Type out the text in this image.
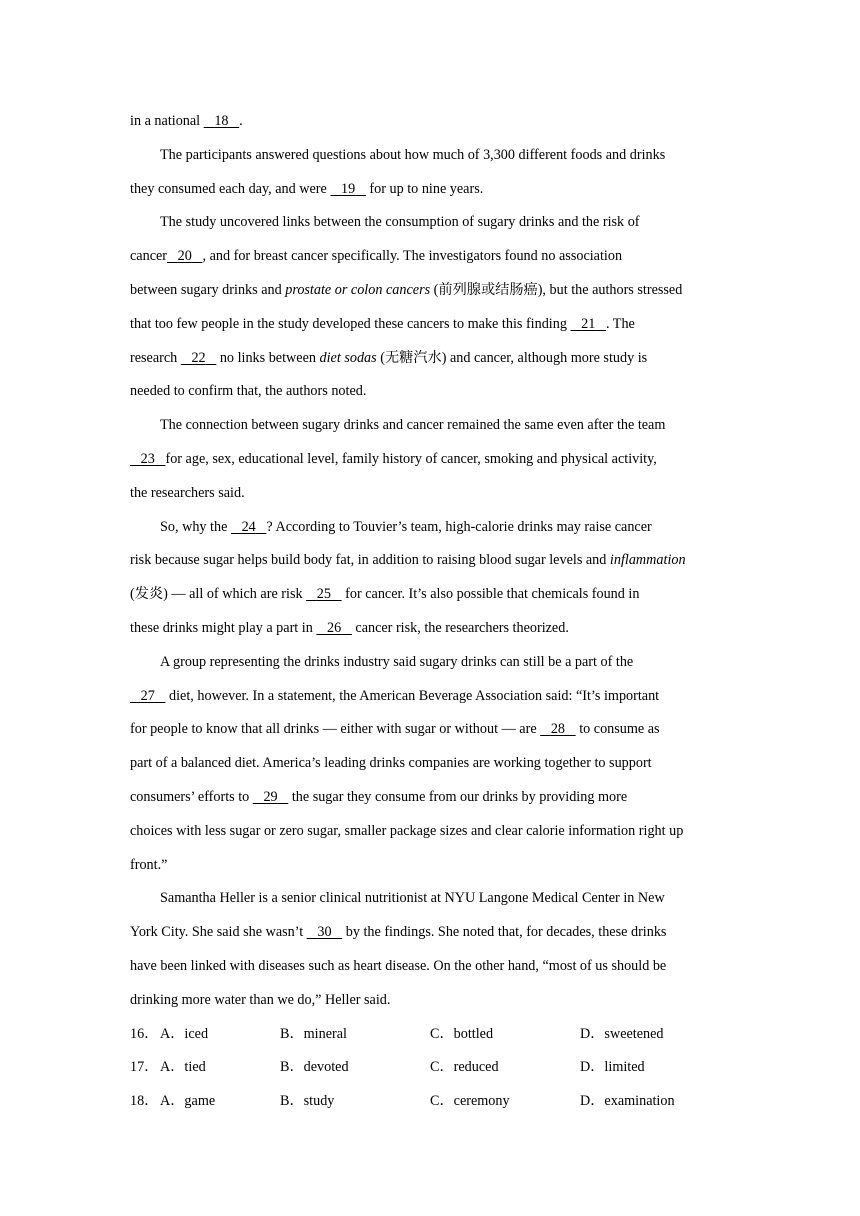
in a national    18 .
The participants answered questions about how much of 3,300 different foods and drinks
they consumed each day, and were    19    for up to nine years.
The study uncovered links between the consumption of sugary drinks and the risk of
cancer 20 , and for breast cancer specifically. The investigators found no association
between sugary drinks and prostate or colon cancers (前列腺或结肠癌), but the authors stressed
that too few people in the study developed these cancers to make this finding    21 . The
research    22    no links between diet sodas (无糖汽水) and cancer, although more study is
needed to confirm that, the authors noted.
The connection between sugary drinks and cancer remained the same even after the team
23 for age, sex, educational level, family history of cancer, smoking and physical activity,
the researchers said.
So, why the    24 ? According to Touvier’s team, high-calorie drinks may raise cancer
risk because sugar helps build body fat, in addition to raising blood sugar levels and inflammation
(发炎) — all of which are risk    25    for cancer. It’s also possible that chemicals found in
these drinks might play a part in    26    cancer risk, the researchers theorized.
A group representing the drinks industry said sugary drinks can still be a part of the
27    diet, however. In a statement, the American Beverage Association said: “It’s important
for people to know that all drinks — either with sugar or without — are    28    to consume as
part of a balanced diet. America’s leading drinks companies are working together to support
consumers’ efforts to    29    the sugar they consume from our drinks by providing more
choices with less sugar or zero sugar, smaller package sizes and clear calorie information right up
front.”
Samantha Heller is a senior clinical nutritionist at NYU Langone Medical Center in New
York City. She said she wasn’t    30    by the findings. She noted that, for decades, these drinks
have been linked with diseases such as heart disease. On the other hand, “most of us should be
drinking more water than we do,” Heller said.
16． A．iced	B．mineral	C．bottled	D．sweetened
17． A．tied	B．devoted	C．reduced	D．limited
18． A．game	B．study	C．ceremony	D．examination
